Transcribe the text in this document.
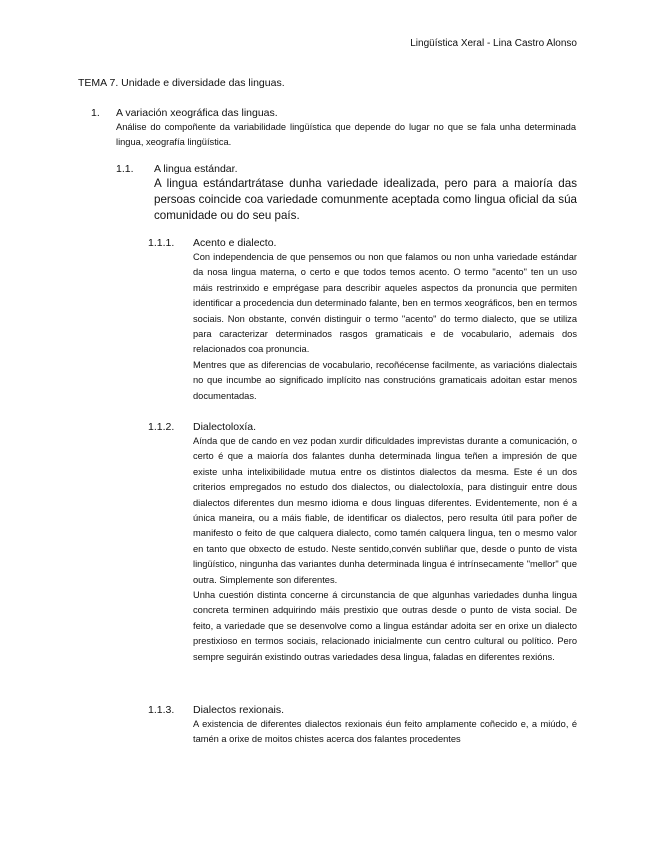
Lingüística Xeral - Lina Castro Alonso
TEMA 7. Unidade e diversidade das linguas.
1. A variación xeográfica das linguas.

Análise do compoñente da variabilidade lingüística que depende do lugar no que se fala unha determinada lingua, xeografía lingüística.

1.1. A lingua estándar.

A lingua estándartrátase dunha variedade idealizada, pero para a maioría das persoas coincide coa variedade comunmente aceptada como lingua oficial da súa comunidade ou do seu país.

1.1.1. Acento e dialecto.

Con independencia de que pensemos ou non que falamos ou non unha variedade estándar da nosa lingua materna, o certo e que todos temos acento. O termo "acento" ten un uso máis restrinxido e emprégase para describir aqueles aspectos da pronuncia que permiten identificar a procedencia dun determinado falante, ben en termos xeográficos, ben en termos sociais. Non obstante, convén distinguir o termo "acento" do termo dialecto, que se utiliza para caracterizar determinados rasgos gramaticais e de vocabulario, ademais dos relacionados coa pronuncia.

Mentres que as diferencias de vocabulario, recoñécense facilmente, as variacións dialectais no que incumbe ao significado implícito nas construcións gramaticais adoitan estar menos documentadas.

1.1.2. Dialectoloxía.

Aínda que de cando en vez podan xurdir dificuldades imprevistas durante a comunicación, o certo é que a maioría dos falantes dunha determinada lingua teñen a impresión de que existe unha intelixibilidade mutua entre os distintos dialectos da mesma. Este é un dos criterios empregados no estudo dos dialectos, ou dialectoloxía, para distinguir entre dous dialectos diferentes dun mesmo idioma e dous linguas diferentes. Evidentemente, non é a única maneira, ou a máis fiable, de identificar os dialectos, pero resulta útil para poñer de manifesto o feito de que calquera dialecto, como tamén calquera lingua, ten o mesmo valor en tanto que obxecto de estudo. Neste sentido,convén subliñar que, desde o punto de vista lingüístico, ningunha das variantes dunha determinada lingua é intrínsecamente "mellor" que outra. Simplemente son diferentes.

Unha cuestión distinta concerne á circunstancia de que algunhas variedades dunha lingua concreta terminen adquirindo máis prestixio que outras desde o punto de vista social. De feito, a variedade que se desenvolve como a lingua estándar adoita ser en orixe un dialecto prestixioso en termos sociais, relacionado inicialmente cun centro cultural ou político. Pero sempre seguirán existindo outras variedades desa lingua, faladas en diferentes rexións.

1.1.3. Dialectos rexionais.

A existencia de diferentes dialectos rexionais éun feito amplamente coñecido e, a miúdo, é tamén a orixe de moitos chistes acerca dos falantes procedentes
